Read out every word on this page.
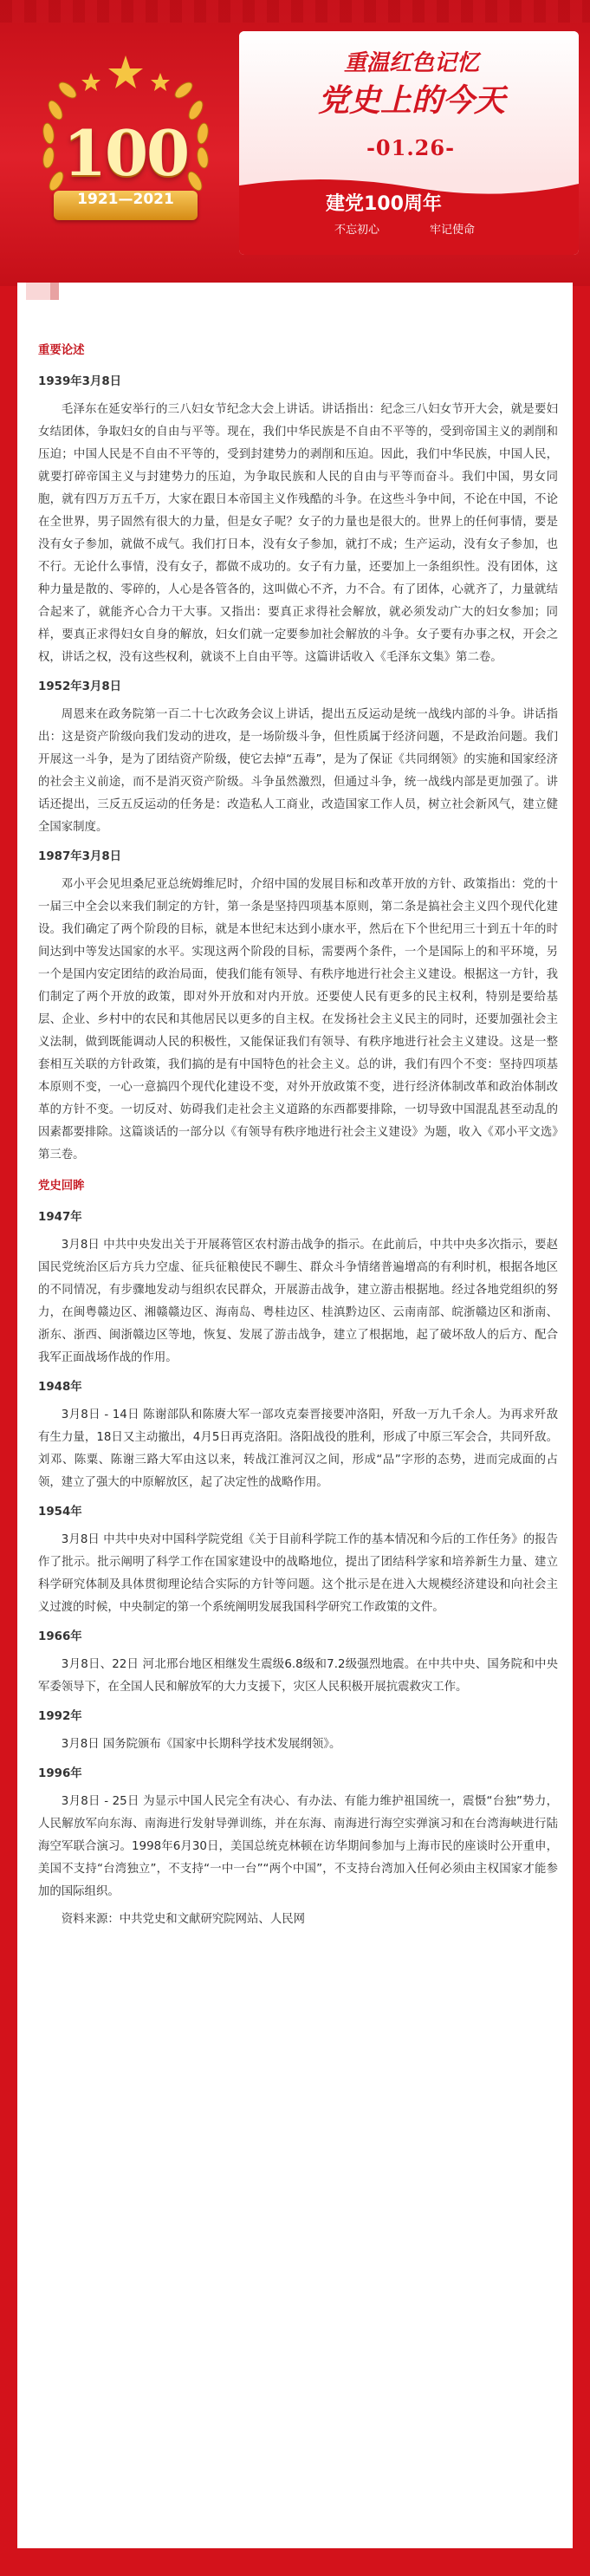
100
1921—2021
重温红色记忆
党史上的今天
-01.26-
建党100周年
不忘初心	牢记使命

重要论述

1939年3月8日

毛泽东在延安举行的三八妇女节纪念大会上讲话。讲话指出：纪念三八妇女节开大会，就是要妇女结团体，争取妇女的自由与平等。现在，我们中华民族是不自由不平等的，受到帝国主义的剥削和压迫；中国人民是不自由不平等的，受到封建势力的剥削和压迫。因此，我们中华民族，中国人民，就要打碎帝国主义与封建势力的压迫，为争取民族和人民的自由与平等而奋斗。我们中国，男女同胞，就有四万万五千万，大家在跟日本帝国主义作残酷的斗争。在这些斗争中间，不论在中国，不论在全世界，男子固然有很大的力量，但是女子呢？女子的力量也是很大的。世界上的任何事情，要是没有女子参加，就做不成气。我们打日本，没有女子参加，就打不成；生产运动，没有女子参加，也不行。无论什么事情，没有女子，都做不成功的。女子有力量，还要加上一条组织性。没有团体，这种力量是散的、零碎的，人心是各管各的，这叫做心不齐，力不合。有了团体，心就齐了，力量就结合起来了，就能齐心合力干大事。又指出：要真正求得社会解放，就必须发动广大的妇女参加；同样，要真正求得妇女自身的解放，妇女们就一定要参加社会解放的斗争。女子要有办事之权，开会之权，讲话之权，没有这些权利，就谈不上自由平等。这篇讲话收入《毛泽东文集》第二卷。

1952年3月8日

周恩来在政务院第一百二十七次政务会议上讲话，提出五反运动是统一战线内部的斗争。讲话指出：这是资产阶级向我们发动的进攻，是一场阶级斗争，但性质属于经济问题，不是政治问题。我们开展这一斗争，是为了团结资产阶级，使它去掉“五毒”，是为了保证《共同纲领》的实施和国家经济的社会主义前途，而不是消灭资产阶级。斗争虽然激烈，但通过斗争，统一战线内部是更加强了。讲话还提出，三反五反运动的任务是：改造私人工商业，改造国家工作人员，树立社会新风气，建立健全国家制度。

1987年3月8日

邓小平会见坦桑尼亚总统姆维尼时，介绍中国的发展目标和改革开放的方针、政策指出：党的十一届三中全会以来我们制定的方针，第一条是坚持四项基本原则，第二条是搞社会主义四个现代化建设。我们确定了两个阶段的目标，就是本世纪末达到小康水平，然后在下个世纪用三十到五十年的时间达到中等发达国家的水平。实现这两个阶段的目标，需要两个条件，一个是国际上的和平环境，另一个是国内安定团结的政治局面，使我们能有领导、有秩序地进行社会主义建设。根据这一方针，我们制定了两个开放的政策，即对外开放和对内开放。还要使人民有更多的民主权利，特别是要给基层、企业、乡村中的农民和其他居民以更多的自主权。在发扬社会主义民主的同时，还要加强社会主义法制，做到既能调动人民的积极性，又能保证我们有领导、有秩序地进行社会主义建设。这是一整套相互关联的方针政策，我们搞的是有中国特色的社会主义。总的讲，我们有四个不变：坚持四项基本原则不变，一心一意搞四个现代化建设不变，对外开放政策不变，进行经济体制改革和政治体制改革的方针不变。一切反对、妨碍我们走社会主义道路的东西都要排除，一切导致中国混乱甚至动乱的因素都要排除。这篇谈话的一部分以《有领导有秩序地进行社会主义建设》为题，收入《邓小平文选》第三卷。

党史回眸

1947年

3月8日 中共中央发出关于开展蒋管区农村游击战争的指示。在此前后，中共中央多次指示，要赵国民党统治区后方兵力空虚、征兵征粮使民不聊生、群众斗争情绪普遍增高的有利时机，根据各地区的不同情况，有步骤地发动与组织农民群众，开展游击战争，建立游击根据地。经过各地党组织的努力，在闽粤赣边区、湘赣赣边区、海南岛、粤桂边区、桂滇黔边区、云南南部、皖浙赣边区和浙南、浙东、浙西、闽浙赣边区等地，恢复、发展了游击战争，建立了根据地，起了破坏敌人的后方、配合我军正面战场作战的作用。

1948年

3月8日 - 14日 陈谢部队和陈赓大军一部攻克秦晋接要冲洛阳，歼敌一万九千余人。为再求歼敌有生力量，18日又主动撤出，4月5日再克洛阳。洛阳战役的胜利，形成了中原三军会合，共同歼敌。刘邓、陈粟、陈谢三路大军由这以来，转战江淮河汉之间，形成“品”字形的态势，进而完成面的占领，建立了强大的中原解放区，起了决定性的战略作用。

1954年

3月8日 中共中央对中国科学院党组《关于目前科学院工作的基本情况和今后的工作任务》的报告作了批示。批示阐明了科学工作在国家建设中的战略地位，提出了团结科学家和培养新生力量、建立科学研究体制及具体贯彻理论结合实际的方针等问题。这个批示是在进入大规模经济建设和向社会主义过渡的时候，中央制定的第一个系统阐明发展我国科学研究工作政策的文件。

1966年

3月8日、22日 河北邢台地区相继发生震级6.8级和7.2级强烈地震。在中共中央、国务院和中央军委领导下，在全国人民和解放军的大力支援下，灾区人民积极开展抗震救灾工作。

1992年

3月8日 国务院颁布《国家中长期科学技术发展纲领》。

1996年

3月8日 - 25日 为显示中国人民完全有决心、有办法、有能力维护祖国统一，震慑“台独”势力，人民解放军向东海、南海进行发射导弹训练，并在东海、南海进行海空实弹演习和在台湾海峡进行陆海空军联合演习。1998年6月30日，美国总统克林顿在访华期间参加与上海市民的座谈时公开重申，美国不支持“台湾独立”，不支持“一中一台”“两个中国”，不支持台湾加入任何必须由主权国家才能参加的国际组织。

资料来源：中共党史和文献研究院网站、人民网
